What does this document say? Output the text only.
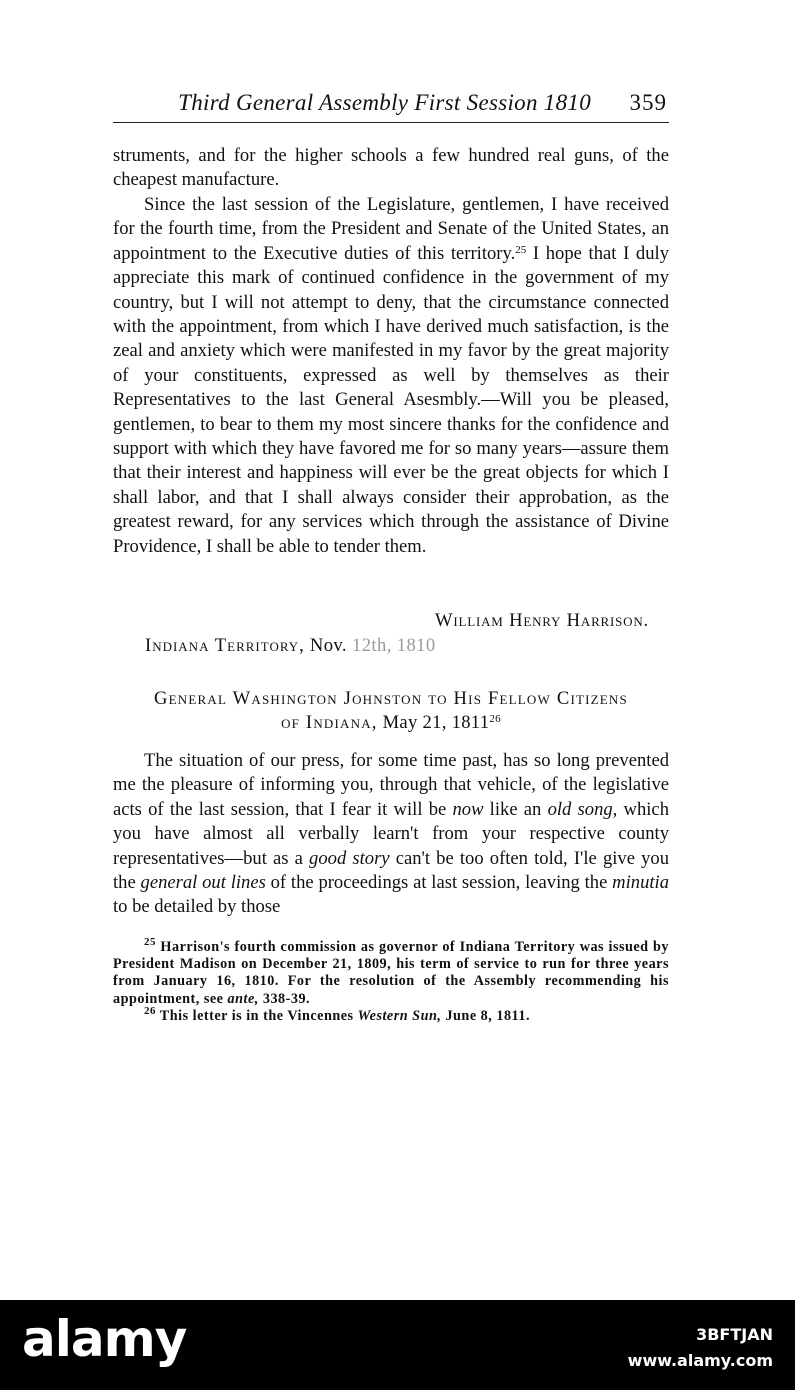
Third General Assembly First Session 1810 359

struments, and for the higher schools a few hundred real guns, of the cheapest manufacture.

Since the last session of the Legislature, gentlemen, I have received for the fourth time, from the President and Senate of the United States, an appointment to the Executive duties of this territory.$^{25}$ I hope that I duly appreciate this mark of continued confidence in the government of my country, but I will not attempt to deny, that the circumstance connected with the appointment, from which I have derived much satisfaction, is the zeal and anxiety which were manifested in my favor by the great majority of your constituents, expressed as well by themselves as their Representatives to the last General Asesmbly.—Will you be pleased, gentlemen, to bear to them my most sincere thanks for the confidence and support with which they have favored me for so many years—assure them that their interest and happiness will ever be the great objects for which I shall labor, and that I shall always consider their approbation, as the greatest reward, for any services which through the assistance of Divine Providence, I shall be able to tender them.

William Henry Harrison.
Indiana Territory, Nov. 12th, 1810
General Washington Johnston to His Fellow Citizens
of Indiana, May 21, 1811$^{26}$

The situation of our press, for some time past, has so long prevented me the pleasure of informing you, through that vehicle, of the legislative acts of the last session, that I fear it will be now like an old song, which you have almost all verbally learn't from your respective county representatives—but as a good story can't be too often told, I'le give you the general out lines of the proceedings at last session, leaving the minutia to be detailed by those

$^{25}$ Harrison's fourth commission as governor of Indiana Territory was issued by President Madison on December 21, 1809, his term of service to run for three years from January 16, 1810. For the resolution of the Assembly recommending his appointment, see ante, 338-39.

$^{26}$ This letter is in the Vincennes Western Sun, June 8, 1811.

alamy	3BFTJAN
www.alamy.com
